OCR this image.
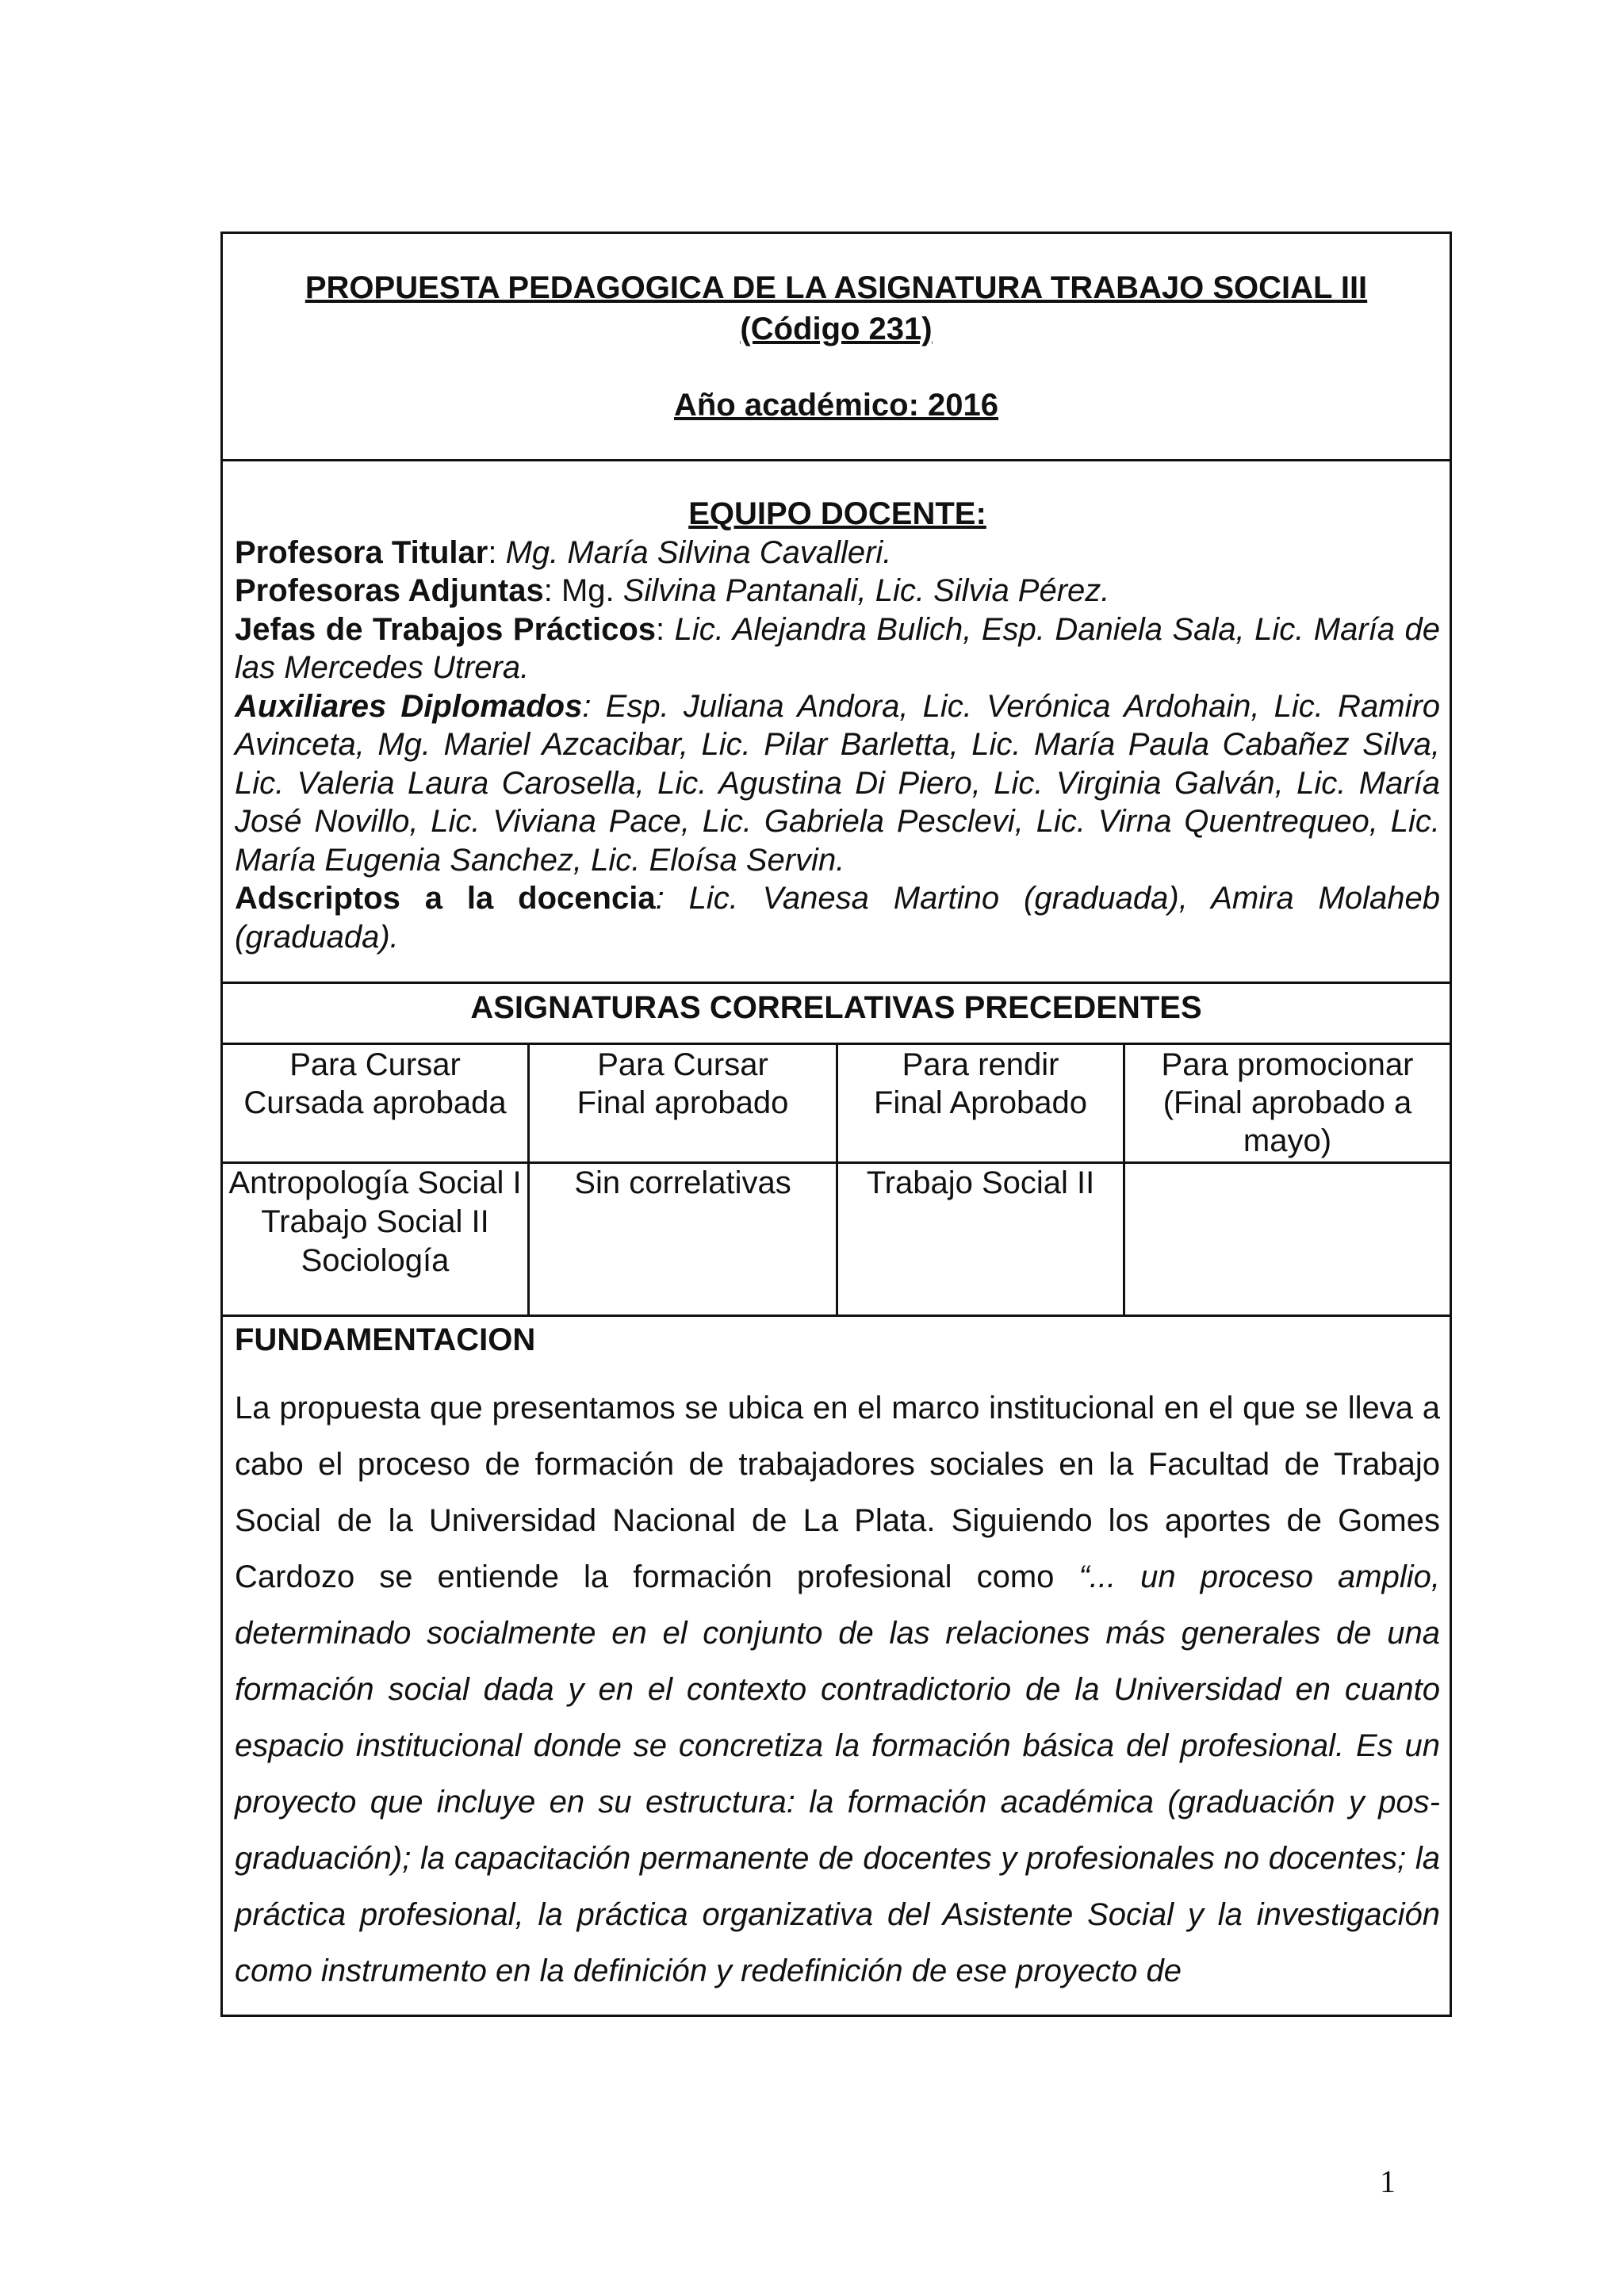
PROPUESTA PEDAGOGICA DE LA ASIGNATURA TRABAJO SOCIAL III
(Código 231)
Año académico: 2016
EQUIPO DOCENTE:
Profesora Titular: Mg. María Silvina Cavalleri.
Profesoras Adjuntas: Mg. Silvina Pantanali, Lic. Silvia Pérez.
Jefas de Trabajos Prácticos: Lic. Alejandra Bulich, Esp. Daniela Sala, Lic. María de las Mercedes Utrera.
Auxiliares Diplomados: Esp. Juliana Andora, Lic. Verónica Ardohain, Lic. Ramiro Avinceta, Mg. Mariel Azcacibar, Lic. Pilar Barletta, Lic. María Paula Cabañez Silva, Lic. Valeria Laura Carosella, Lic. Agustina Di Piero, Lic. Virginia Galván, Lic. María José Novillo, Lic. Viviana Pace, Lic. Gabriela Pesclevi, Lic. Virna Quentrequeo, Lic. María Eugenia Sanchez, Lic. Eloísa Servin.
Adscriptos a la docencia: Lic. Vanesa Martino (graduada), Amira Molaheb (graduada).
ASIGNATURAS CORRELATIVAS PRECEDENTES
Para Cursar
Cursada aprobada
Para Cursar
Final aprobado
Para rendir
Final Aprobado
Para promocionar
(Final aprobado a mayo)
Antropología Social I
Trabajo Social II
Sociología
Sin correlativas	Trabajo Social II
FUNDAMENTACION

La propuesta que presentamos se ubica en el marco institucional en el que se lleva a cabo el proceso de formación de trabajadores sociales en la Facultad de Trabajo Social de la Universidad Nacional de La Plata. Siguiendo los aportes de Gomes Cardozo se entiende la formación profesional como “... un proceso amplio, determinado socialmente en el conjunto de las relaciones más generales de una formación social dada y en el contexto contradictorio de la Universidad en cuanto espacio institucional donde se concretiza la formación básica del profesional. Es un proyecto que incluye en su estructura: la formación académica (graduación y pos-graduación); la capacitación permanente de docentes y profesionales no docentes; la práctica profesional, la práctica organizativa del Asistente Social y la investigación como instrumento en la definición y redefinición de ese proyecto de

1
